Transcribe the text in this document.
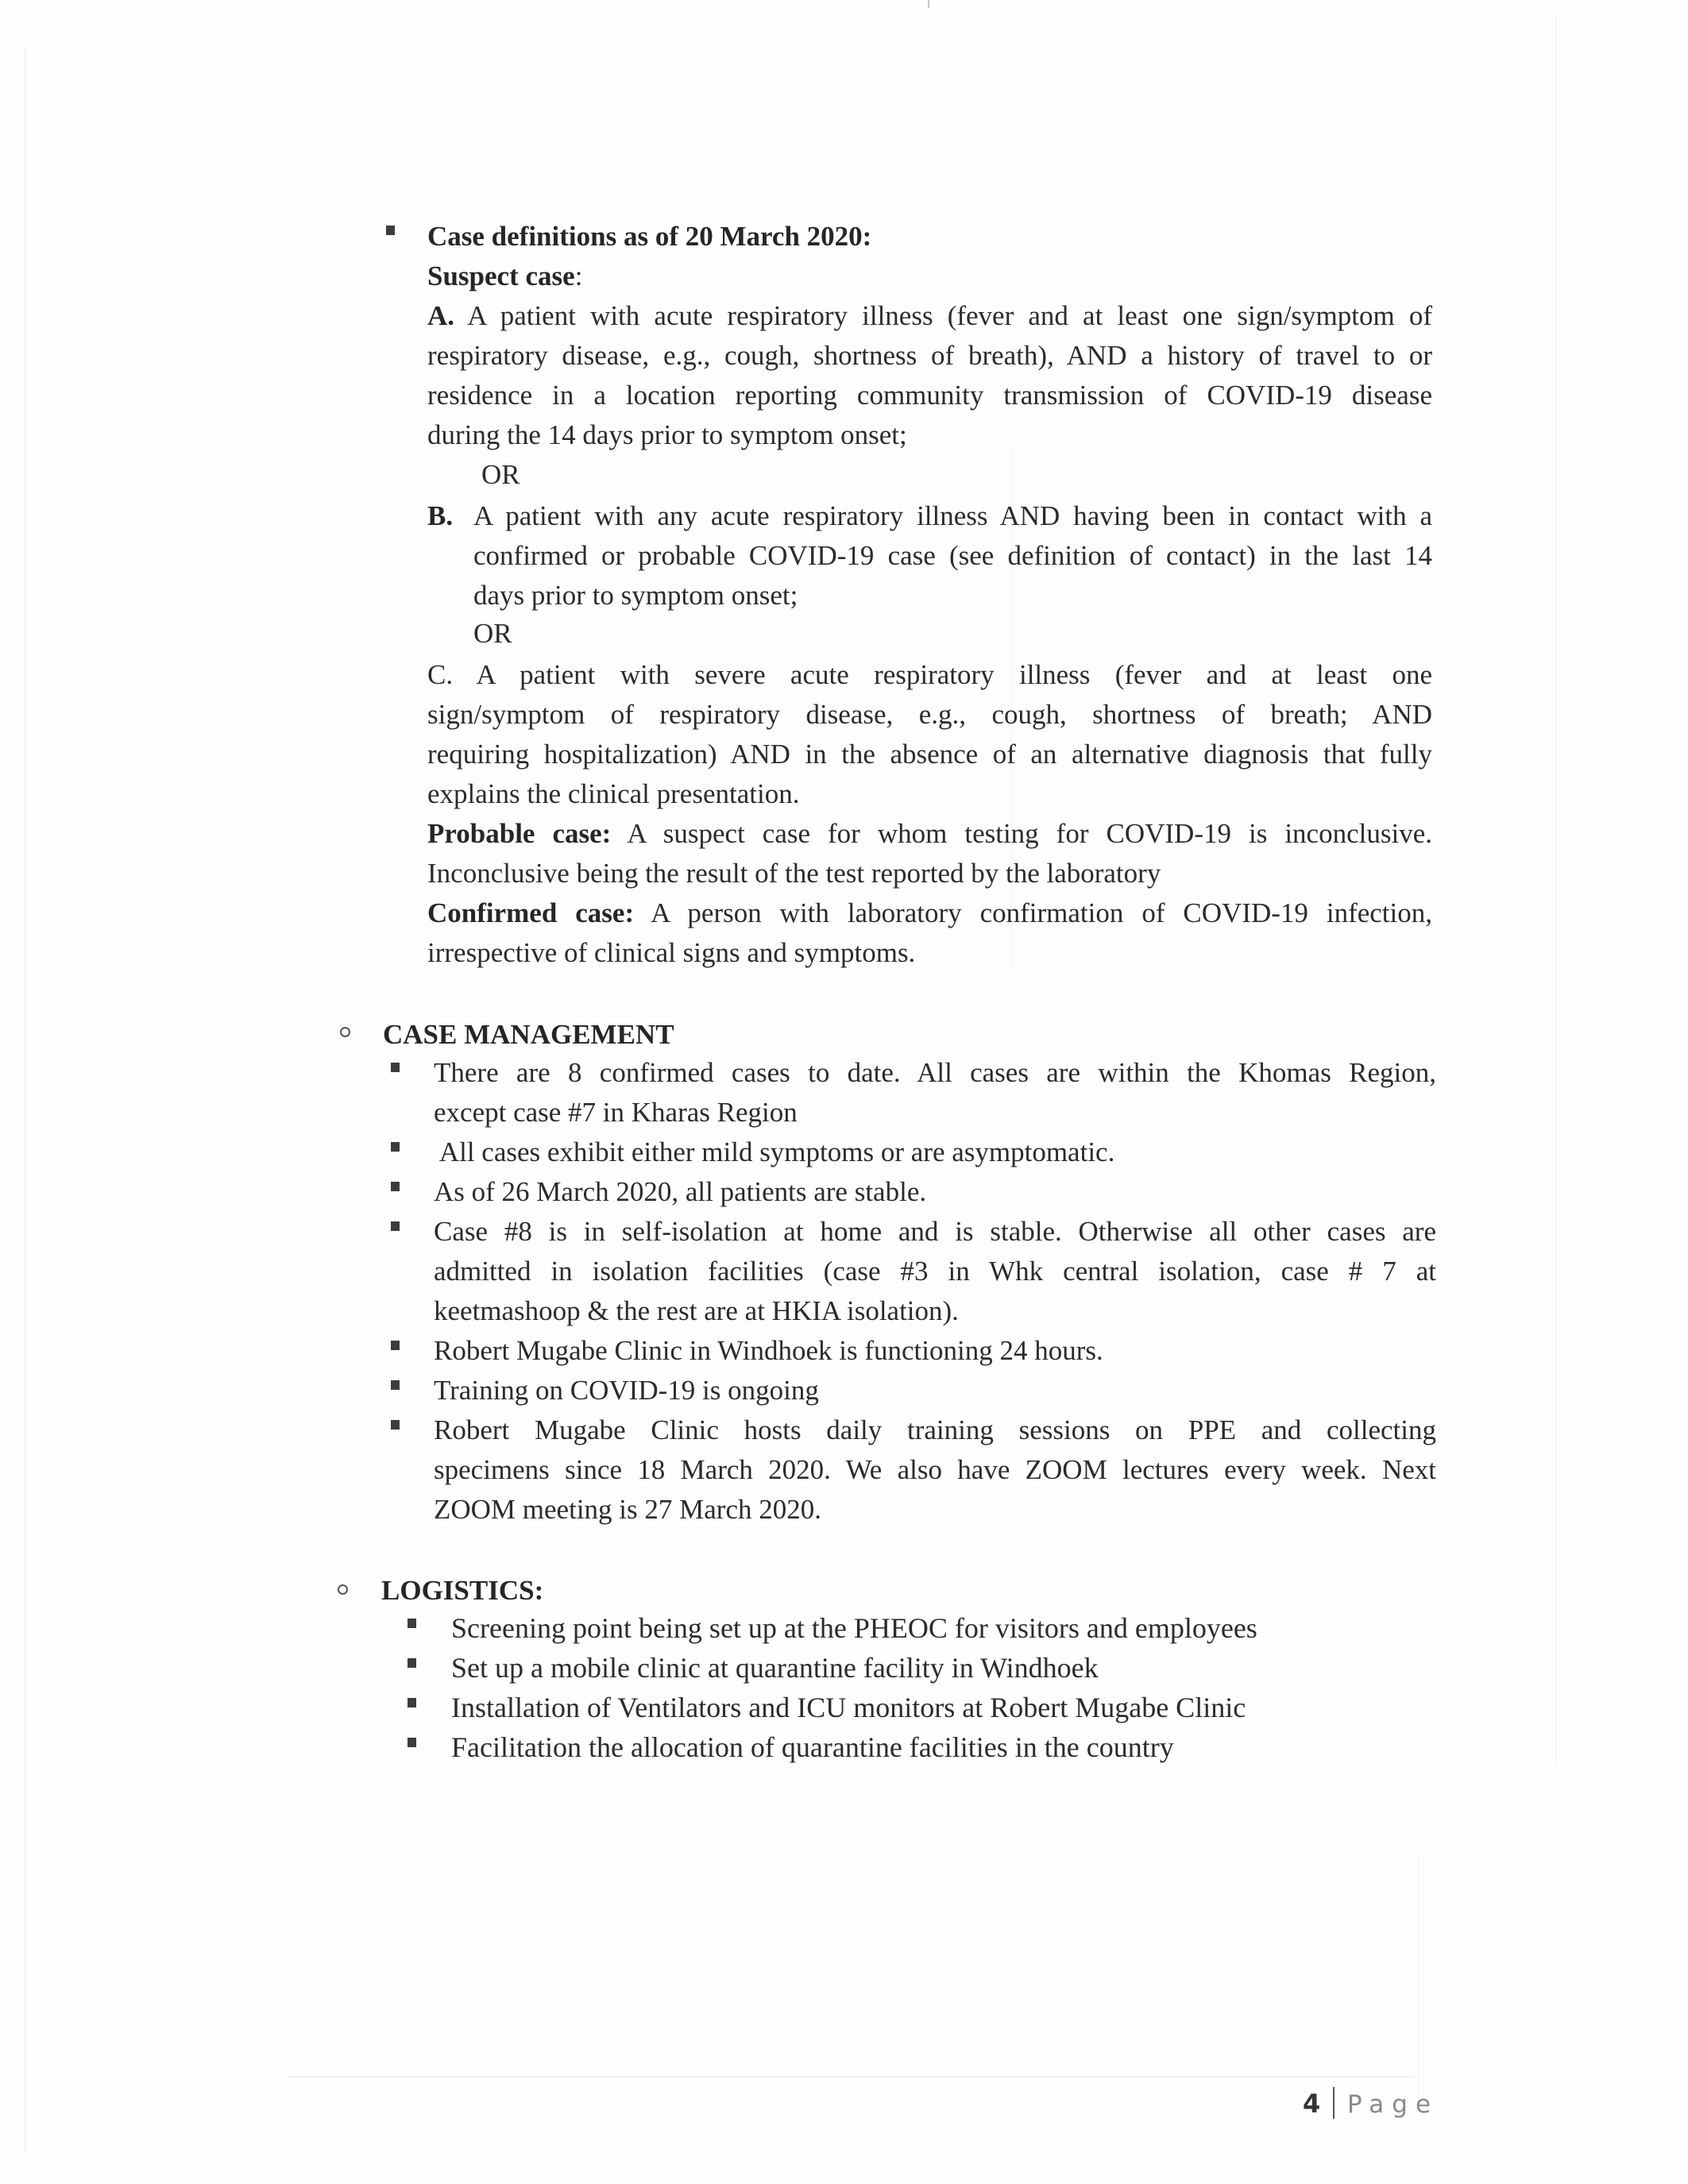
Case definitions as of 20 March 2020:
Suspect case:
A. A patient with acute respiratory illness (fever and at least one sign/symptom of
respiratory disease, e.g., cough, shortness of breath), AND a history of travel to or
residence in a location reporting community transmission of COVID-19 disease
during the 14 days prior to symptom onset;
OR
B. A patient with any acute respiratory illness AND having been in contact with a
confirmed or probable COVID-19 case (see definition of contact) in the last 14
days prior to symptom onset;
OR
C. A patient with severe acute respiratory illness (fever and at least one
sign/symptom of respiratory disease, e.g., cough, shortness of breath; AND
requiring hospitalization) AND in the absence of an alternative diagnosis that fully
explains the clinical presentation.
Probable case: A suspect case for whom testing for COVID-19 is inconclusive.
Inconclusive being the result of the test reported by the laboratory
Confirmed case: A person with laboratory confirmation of COVID-19 infection,
irrespective of clinical signs and symptoms.
CASE MANAGEMENT
There are 8 confirmed cases to date. All cases are within the Khomas Region,
except case #7 in Kharas Region
All cases exhibit either mild symptoms or are asymptomatic.
As of 26 March 2020, all patients are stable.
Case #8 is in self-isolation at home and is stable. Otherwise all other cases are
admitted in isolation facilities (case #3 in Whk central isolation, case # 7 at
keetmashoop & the rest are at HKIA isolation).
Robert Mugabe Clinic in Windhoek is functioning 24 hours.
Training on COVID-19 is ongoing
Robert Mugabe Clinic hosts daily training sessions on PPE and collecting
specimens since 18 March 2020. We also have ZOOM lectures every week. Next
ZOOM meeting is 27 March 2020.
LOGISTICS:
Screening point being set up at the PHEOC for visitors and employees
Set up a mobile clinic at quarantine facility in Windhoek
Installation of Ventilators and ICU monitors at Robert Mugabe Clinic
Facilitation the allocation of quarantine facilities in the country
4 Page
